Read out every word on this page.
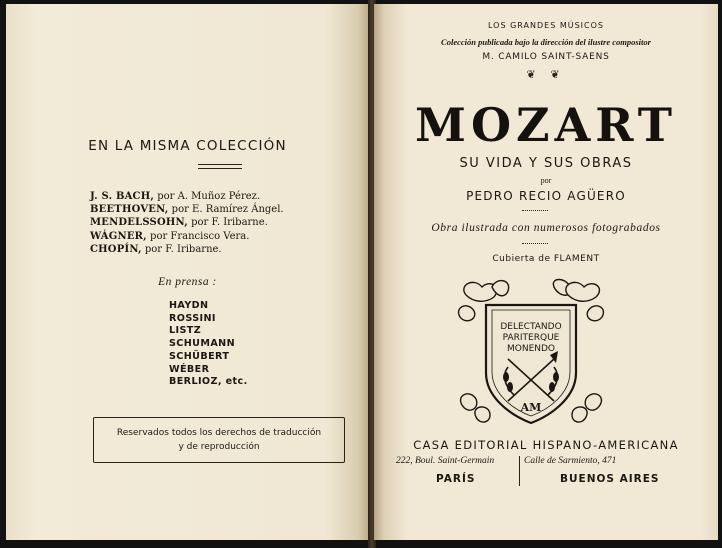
EN LA MISMA COLECCIÓN
J. S. BACH, por A. Muñoz Pérez.
BEETHOVEN, por E. Ramírez Ángel.
MENDELSSOHN, por F. Iribarne.
WÁGNER, por Francisco Vera.
CHOPÍN, por F. Iribarne.
En prensa :
HAYDN
ROSSINI
LISTZ
SCHUMANN
SCHÜBERT
WÉBER
BERLIOZ, etc.
Reservados todos los derechos de traducción
y de reproducción
LOS GRANDES MÚSICOS
Colección publicada bajo la dirección del ilustre compositor
M. CAMILO SAINT-SAENS
❦ ❦
MOZART
SU VIDA Y SUS OBRAS
por
PEDRO RECIO AGÜERO
Obra ilustrada con numerosos fotograbados
Cubierta de FLAMENT
DELECTANDO
PARITERQUE
MONENDO
AM
CASA EDITORIAL HISPANO-AMERICANA
222, Boul. Saint-Germain	Calle de Sarmiento, 471
PARÍS	BUENOS AIRES
